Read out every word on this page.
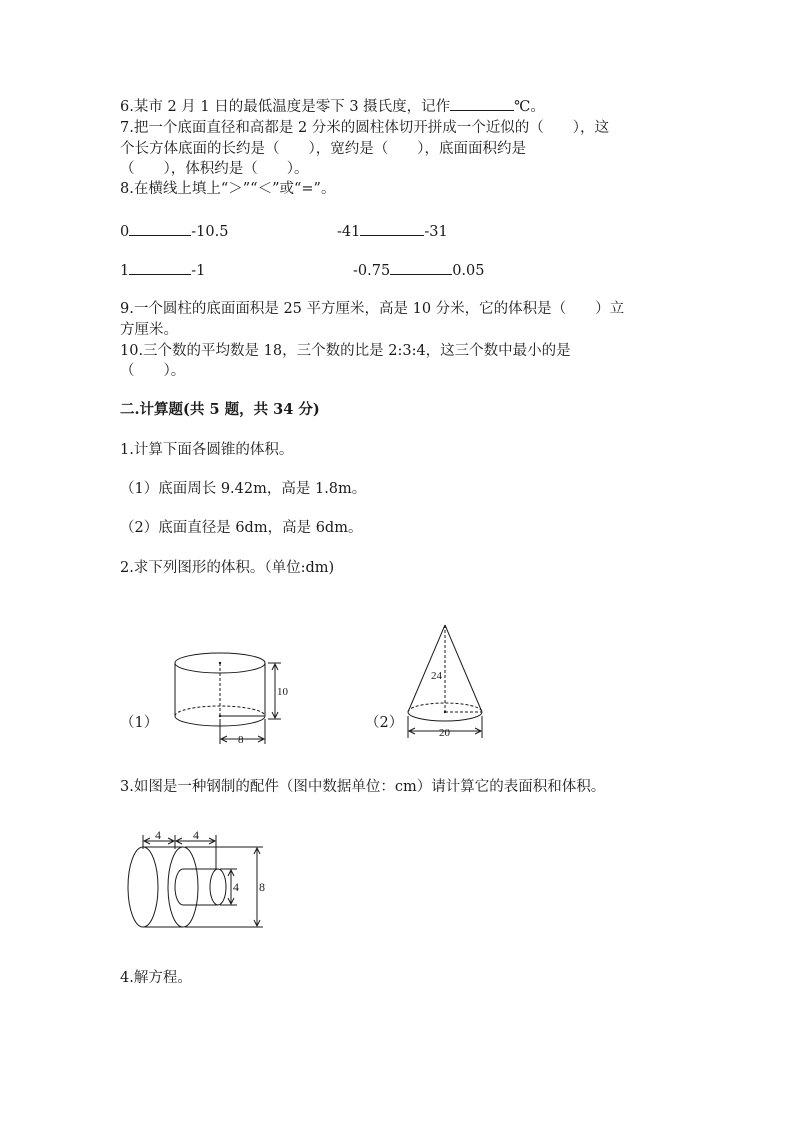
6.某市 2 月 1 日的最低温度是零下 3 摄氏度，记作	℃。
7.把一个底面直径和高都是 2 分米的圆柱体切开拼成一个近似的（　　），这
个长方体底面的长约是（　　），宽约是（　　），底面面积约是
（　　），体积约是（　　）。
8.在横线上填上“＞”“＜”或“=”。
0	-10.5	-41	-31
1	-1	-0.75	0.05
9.一个圆柱的底面面积是 25 平方厘米，高是 10 分米，它的体积是（　　）立
方厘米。
10.三个数的平均数是 18，三个数的比是 2:3:4，这三个数中最小的是
（　　）。
二.计算题(共 5 题，共 34 分)
1.计算下面各圆锥的体积。
（1）底面周长 9.42m，高是 1.8m。
（2）底面直径是 6dm，高是 6dm。
2.求下列图形的体积。（单位:dm)
（1）
10
8
（2）
24
20
3.如图是一种钢制的配件（图中数据单位：cm）请计算它的表面积和体积。
4	4
4 8
4.解方程。
